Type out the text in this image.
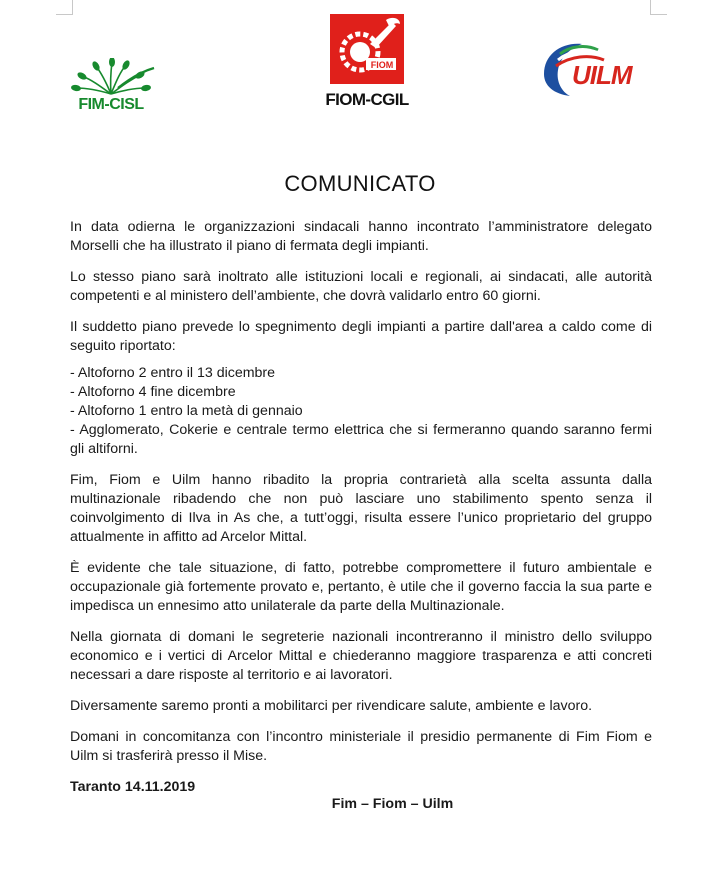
FIM-CISL
FIOM
FIOM-CGIL
UILM
COMUNICATO

In data odierna le organizzazioni sindacali hanno incontrato l’amministratore delegato Morselli che ha illustrato il piano di fermata degli impianti.

Lo stesso piano sarà inoltrato alle istituzioni locali e regionali, ai sindacati, alle autorità competenti e al ministero dell’ambiente, che dovrà validarlo entro 60 giorni.

Il suddetto piano prevede lo spegnimento degli impianti a partire dall'area a caldo come di seguito riportato:

- Altoforno 2 entro il 13 dicembre
- Altoforno 4 fine dicembre
- Altoforno 1 entro la metà di gennaio
- Agglomerato, Cokerie e centrale termo elettrica che si fermeranno quando saranno fermi gli altiforni.

Fim, Fiom e Uilm hanno ribadito la propria contrarietà alla scelta assunta dalla multinazionale ribadendo che non può lasciare uno stabilimento spento senza il coinvolgimento di Ilva in As che, a tutt’oggi, risulta essere l’unico proprietario del gruppo attualmente in affitto ad Arcelor Mittal.

È evidente che tale situazione, di fatto, potrebbe compromettere il futuro ambientale e occupazionale già fortemente provato e, pertanto, è utile che il governo faccia la sua parte e impedisca un ennesimo atto unilaterale da parte della Multinazionale.

Nella giornata di domani le segreterie nazionali incontreranno il ministro dello sviluppo economico e i vertici di Arcelor Mittal e chiederanno maggiore trasparenza e atti concreti necessari a dare risposte al territorio e ai lavoratori.

Diversamente saremo pronti a mobilitarci per rivendicare salute, ambiente e lavoro.

Domani in concomitanza con l’incontro ministeriale il presidio permanente di Fim Fiom e Uilm si trasferirà presso il Mise.

Taranto 14.11.2019

Fim – Fiom – Uilm
